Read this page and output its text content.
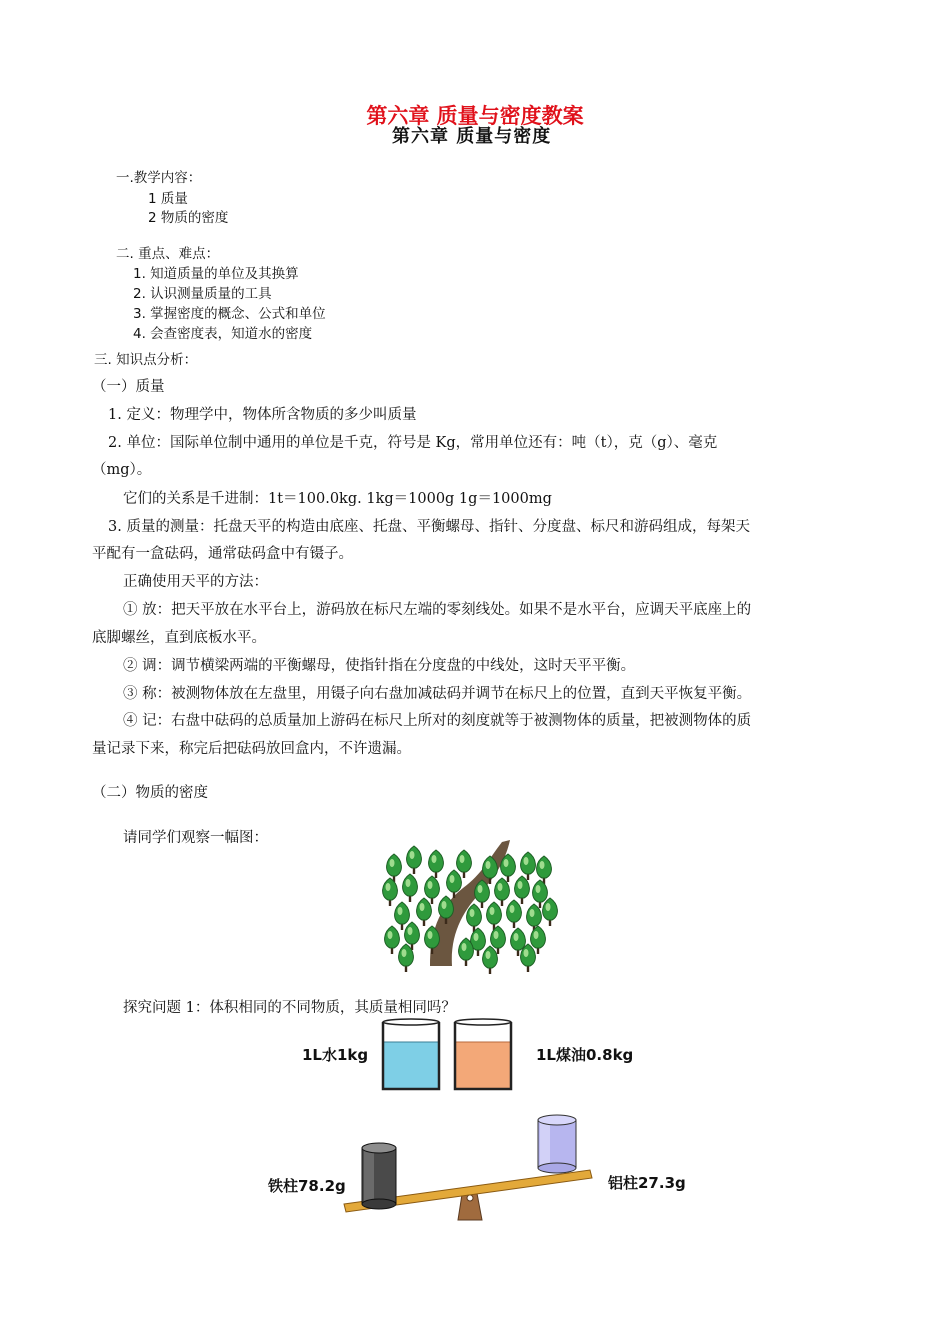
第六章 质量与密度教案
第六章 质量与密度
一.教学内容：
1 质量
2 物质的密度
二. 重点、难点：
1. 知道质量的单位及其换算
2. 认识测量质量的工具
3. 掌握密度的概念、公式和单位
4. 会查密度表，知道水的密度
三. 知识点分析：
（一）质量
1. 定义：物理学中，物体所含物质的多少叫质量
2. 单位：国际单位制中通用的单位是千克，符号是 Kg，常用单位还有：吨（t），克（g）、毫克
（mg）。
它们的关系是千进制：1t＝100.0kg. 1kg＝1000g 1g＝1000mg
3. 质量的测量：托盘天平的构造由底座、托盘、平衡螺母、指针、分度盘、标尺和游码组成，每架天
平配有一盒砝码，通常砝码盒中有镊子。
正确使用天平的方法：
① 放：把天平放在水平台上，游码放在标尺左端的零刻线处。如果不是水平台，应调天平底座上的
底脚螺丝，直到底板水平。
② 调：调节横梁两端的平衡螺母，使指针指在分度盘的中线处，这时天平平衡。
③ 称：被测物体放在左盘里，用镊子向右盘加减砝码并调节在标尺上的位置，直到天平恢复平衡。
④ 记：右盘中砝码的总质量加上游码在标尺上所对的刻度就等于被测物体的质量，把被测物体的质
量记录下来，称完后把砝码放回盒内，不许遗漏。
（二）物质的密度
请同学们观察一幅图：
探究问题 1：体积相同的不同物质，其质量相同吗？
1L水1kg	1L煤油0.8kg
铁柱78.2g	铝柱27.3g
